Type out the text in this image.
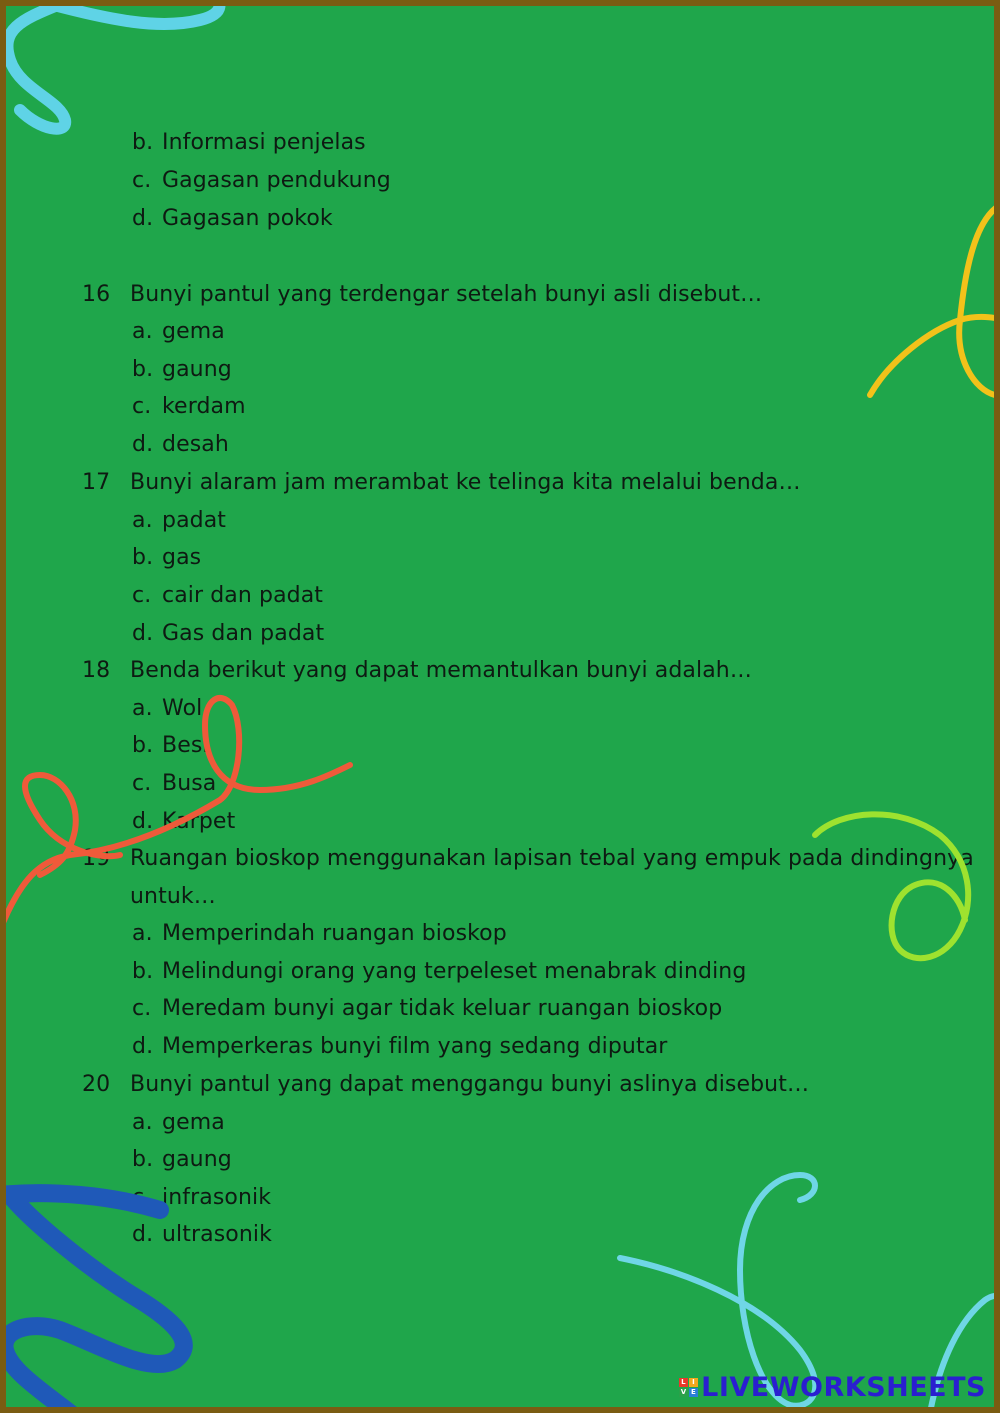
b. Informasi penjelas
c. Gagasan pendukung
d. Gagasan pokok
16 Bunyi pantul yang terdengar setelah bunyi asli disebut…
a. gema
b. gaung
c. kerdam
d. desah
17 Bunyi alaram jam merambat ke telinga kita melalui benda…
a. padat
b. gas
c. cair dan padat
d. Gas dan padat
18 Benda berikut yang dapat memantulkan bunyi adalah…
a. Wol
b. Besi
c. Busa
d. Karpet
19 Ruangan bioskop menggunakan lapisan tebal yang empuk pada dindingnya
untuk…
a. Memperindah ruangan bioskop
b. Melindungi orang yang terpeleset menabrak dinding
c. Meredam bunyi agar tidak keluar ruangan bioskop
d. Memperkeras bunyi film yang sedang diputar
20 Bunyi pantul yang dapat menggangu bunyi aslinya disebut…
a. gema
b. gaung
c. infrasonik
d. ultrasonik
L I
V E LIVEWORKSHEETS
